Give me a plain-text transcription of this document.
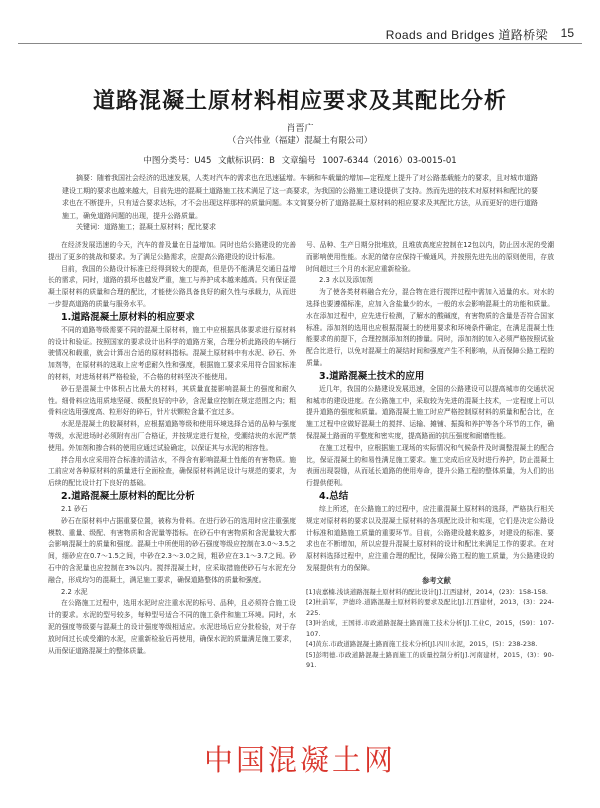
Roads and Bridges 道路桥梁 15
道路混凝土原材料相应要求及其配比分析
肖晋广
（合兴伟业（福建）混凝土有限公司）
中图分类号：U45 文献标识码：B 文章编号 1007-6344（2016）03-0015-01
摘要：随着我国社会经济的迅速发展，人类对汽车的需求也在迅速猛增。车辆和车载量的增加—定程度上提升了对公路基载能力的要求，且对城市道路建设工期的要求也越来越大，目前先进的混凝土道路施工技术满足了这一高要求，为我国的公路施工建设提供了支持。然而先进的技术对原材料和配比的要求也在不断提升，只有适合要求达标，才不会出现这样那样的质量问题。本文简要分析了道路混凝土原材料的相应要求及其配比方法，从而更好的进行道路施工，确免道路问题的出现，提升公路质量。
关键词：道路施工；混凝土原材料；配比要求

在经济发展迅速的今天，汽车的普及量在日益增加。同时也给公路建设的完善提出了更多的挑战和要求。为了满足公路需求，应提高公路建设的设计标准。

目前，我国的公路设计标准已经得到较大的提高，但是仍不能满足交通日益增长的需求，同时，道路的损坏也越发严重，施工与养护成本越来越高。只有保证混凝土原材料的质量和合理的配比，才能使公路具备良好的耐久性与承载力，从而进一步提高道路的质量与服务水平。

1.道路混凝土原材料的相应要求

不同的道路等级需要不同的混凝土原材料，施工中应根据具体要求进行原材料的设计和验证。按照国家的要求设计出科学的道路方案，合理分析此路段的车辆行驶情况和载重，就会计算出合适的原材料指标。混凝土原材料中有水泥、砂石、外加剂等，在原材料的选取上应考虑耐久性和强度，根据施工要求采用符合国家标准的材料，对进场材料严格检验，不合格的材料坚决不能使用。

砂石是混凝土中体积占比最大的材料，其质量直接影响混凝土的强度和耐久性。细骨料应选用质地坚硬、级配良好的中砂，含泥量应控制在规定范围之内；粗骨料应选用强度高、粒形好的碎石，针片状颗粒含量不宜过多。

水泥是混凝土的胶凝材料，应根据道路等级和使用环境选择合适的品种与强度等级，水泥进场时必须附有出厂合格证，并按规定进行复检，受潮结块的水泥严禁使用。外加剂和掺合料的使用应通过试验确定，以保证其与水泥的相容性。

拌合用水应采用符合标准的清洁水，不得含有影响混凝土性能的有害物质。施工前应对各种原材料的质量进行全面检查，确保原材料满足设计与规范的要求，为后续的配比设计打下良好的基础。

2.道路混凝土原材料的配比分析

2.1 砂石

砂石在原材料中占据重要位置，被称为骨料。在进行砂石的选用时应注重强度模数、重量、级配、有害物质和含泥量等指标。在砂石中有害物质和含泥量较大都会影响混凝土的质量和强度。混凝土中所使用的砂石强度等级应控制在3.0～3.5之间，细砂应在0.7～1.5之间，中砂在2.3～3.0之间，粗砂应在3.1～3.7之间。砂石中的含泥量也应控制在3%以内。搅拌混凝土时，应采取措施使砂石与水泥充分融合，形成均匀的混凝土，满足施工要求，确保道路整体的质量和强度。

2.2 水泥

在公路施工过程中，选用水泥时应注重水泥的标号、品种，且必须符合施工设计的要求。水泥的型号较多，每种型号适合不同的施工条件和施工环境。同时，水泥的强度等级要与混凝土的设计强度等级相适应。水泥进场后应分批检验，对于存放时间过长或受潮的水泥，应重新检验后再使用，确保水泥的质量满足施工要求，从而保证道路混凝土的整体质量。

号、品种、生产日期分批堆放，且堆放高度应控制在12包以内，防止因水泥的受潮而影响使用性能。水泥的储存应保持干燥通风，并按照先进先出的原则使用，存放时间超过三个月的水泥应重新检验。

2.3 水以及添加剂

为了使各类材料融合充分，混合物在进行搅拌过程中需加入适量的水。对水的选择也要遵循标准，应加入含盐量少的水，一般的水会影响混凝土的功能和质量。水在添加过程中，应先进行检测，了解水的酸碱度，有害物质的含量是否符合国家标准。添加剂的选用也应根据混凝土的使用要求和环境条件确定，在满足混凝土性能要求的前提下，合理控制添加剂的掺量。同时，添加剂的加入必须严格按照试验配合比进行，以免对混凝土的凝结时间和强度产生不利影响，从而保障公路工程的质量。

3.道路混凝土技术的应用

近几年，我国的公路建设发展迅速，全国的公路建设可以提高城市的交通状况和城市的建设进度。在公路施工中，采取较为先进的混凝土技术，一定程度上可以提升道路的强度和质量。道路混凝土施工时应严格控制原材料的质量和配合比，在施工过程中应做好混凝土的搅拌、运输、摊铺、振捣和养护等各个环节的工作，确保混凝土路面的平整度和密实度，提高路面的抗压强度和耐磨性能。

在施工过程中，应根据施工现场的实际情况和气候条件及时调整混凝土的配合比，保证混凝土的和易性满足施工要求。施工完成后应及时进行养护，防止混凝土表面出现裂缝，从而延长道路的使用寿命，提升公路工程的整体质量，为人们的出行提供便利。

4.总结

综上所述，在公路施工的过程中，应注重混凝土原材料的选择，严格执行相关规定对原材料的要求以及混凝土原材料的各项配比设计和实现，它们是决定公路设计标准和道路施工质量的重要环节。目前，公路建设越来越多，对建设的标准、要求也在不断增加，所以应提升混凝土原材料的设计和配比来满足工作的要求。在对原材料选择过程中，应注重合理的配比，保障公路工程的施工质量，为公路建设的发展提供有力的保障。

参考文献

[1]袁嘉楠.浅谈道路混凝土原材料的配比设计[J].江西建材，2014，(23)：158-158.

[2]杜前军，尹德玲.道路混凝土原材料的要求及配比[J].江西建材，2013，(3)：224-225.

[3]叶治成，王国祥.市政道路混凝土路面施工技术分析[J].工业C，2015，(59)：107-107.

[4]黄东.市政道路混凝土路面施工技术分析[J].四川水泥，2015，(5)：238-238.

[5]彭明德.市政道路混凝土路面施工的质量控制分析[J].河南建材，2015，(3)：90-91.

中国混凝土网
